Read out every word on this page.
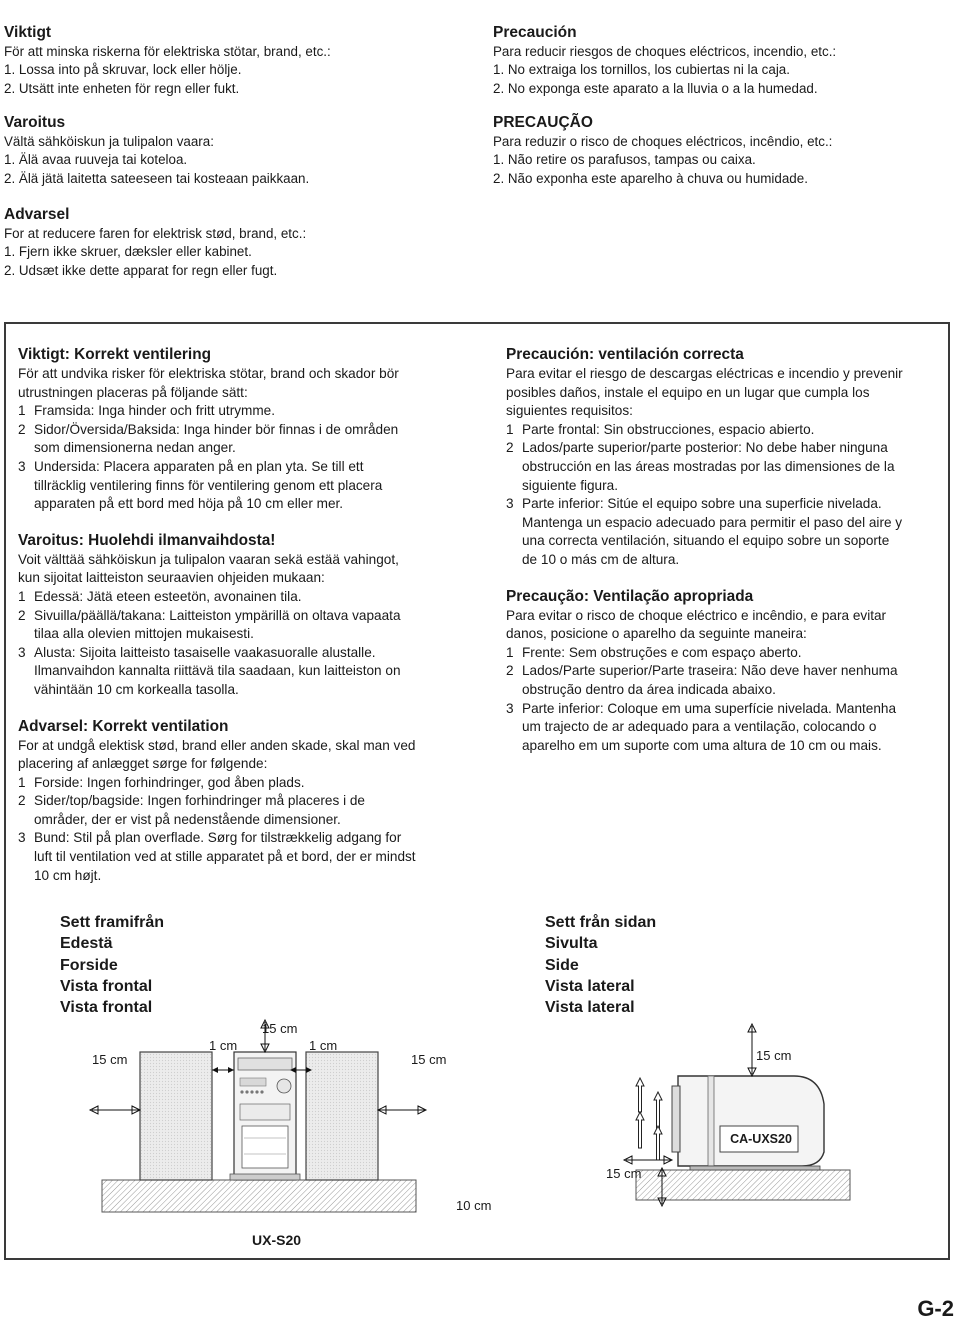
Viktigt
För att minska riskerna för elektriska stötar, brand, etc.:
1. Lossa into på skruvar, lock eller hölje.
2. Utsätt inte enheten för regn eller fukt.
Varoitus
Vältä sähköiskun ja tulipalon vaara:
1. Älä avaa ruuveja tai koteloa.
2. Älä jätä laitetta sateeseen tai kosteaan paikkaan.
Advarsel
For at reducere faren for elektrisk stød, brand, etc.:
1. Fjern ikke skruer, dæksler eller kabinet.
2. Udsæt ikke dette apparat for regn eller fugt.
Precaución
Para reducir riesgos de choques eléctricos, incendio, etc.:
1. No extraiga los tornillos, los cubiertas ni la caja.
2. No exponga este aparato a la lluvia o a la humedad.
PRECAUÇÃO
Para reduzir o risco de choques eléctricos, incêndio, etc.:
1. Não retire os parafusos, tampas ou caixa.
2. Não exponha este aparelho à chuva ou humidade.
Viktigt: Korrekt ventilering
För att undvika risker för elektriska stötar, brand och skador bör
utrustningen placeras på följande sätt:
1 Framsida: Inga hinder och fritt utrymme.
2 Sidor/Översida/Baksida: Inga hinder bör finnas i de områden
som dimensionerna nedan anger.
3 Undersida: Placera apparaten på en plan yta. Se till ett
tillräcklig ventilering finns för ventilering genom ett placera
apparaten på ett bord med höja på 10 cm eller mer.
Varoitus: Huolehdi ilmanvaihdosta!
Voit välttää sähköiskun ja tulipalon vaaran sekä estää vahingot,
kun sijoitat laitteiston seuraavien ohjeiden mukaan:
1 Edessä: Jätä eteen esteetön, avonainen tila.
2 Sivuilla/päällä/takana: Laitteiston ympärillä on oltava vapaata
tilaa alla olevien mittojen mukaisesti.
3 Alusta: Sijoita laitteisto tasaiselle vaakasuoralle alustalle.
Ilmanvaihdon kannalta riittävä tila saadaan, kun laitteiston on
vähintään 10 cm korkealla tasolla.
Advarsel: Korrekt ventilation
For at undgå elektisk stød, brand eller anden skade, skal man ved
placering af anlægget sørge for følgende:
1 Forside: Ingen forhindringer, god åben plads.
2 Sider/top/bagside: Ingen forhindringer må placeres i de
områder, der er vist på nedenstående dimensioner.
3 Bund: Stil på plan overflade. Sørg for tilstrækkelig adgang for
luft til ventilation ved at stille apparatet på et bord, der er mindst
10 cm højt.
Precaución: ventilación correcta
Para evitar el riesgo de descargas eléctricas e incendio y prevenir
posibles daños, instale el equipo en un lugar que cumpla los
siguientes requisitos:
1 Parte frontal: Sin obstrucciones, espacio abierto.
2 Lados/parte superior/parte posterior: No debe haber ninguna
obstrucción en las áreas mostradas por las dimensiones de la
siguiente figura.
3 Parte inferior: Sitúe el equipo sobre una superficie nivelada.
Mantenga un espacio adecuado para permitir el paso del aire y
una correcta ventilación, situando el equipo sobre un soporte
de 10 o más cm de altura.
Precaução: Ventilação apropriada
Para evitar o risco de choque eléctrico e incêndio, e para evitar
danos, posicione o aparelho da seguinte maneira:
1 Frente: Sem obstruções e com espaço aberto.
2 Lados/Parte superior/Parte traseira: Não deve haver nenhuma
obstrução dentro da área indicada abaixo.
3 Parte inferior: Coloque em uma superfície nivelada. Mantenha
um trajecto de ar adequado para a ventilação, colocando o
aparelho em um suporte com uma altura de 10 cm ou mais.
Sett framifrån
Edestä
Forside
Vista frontal
Vista frontal
Sett från sidan
Sivulta
Side
Vista lateral
Vista lateral
15 cm
1 cm	1 cm
15 cm	15 cm
UX-S20
15 cm
CA-UXS20
15 cm
10 cm
G-2
